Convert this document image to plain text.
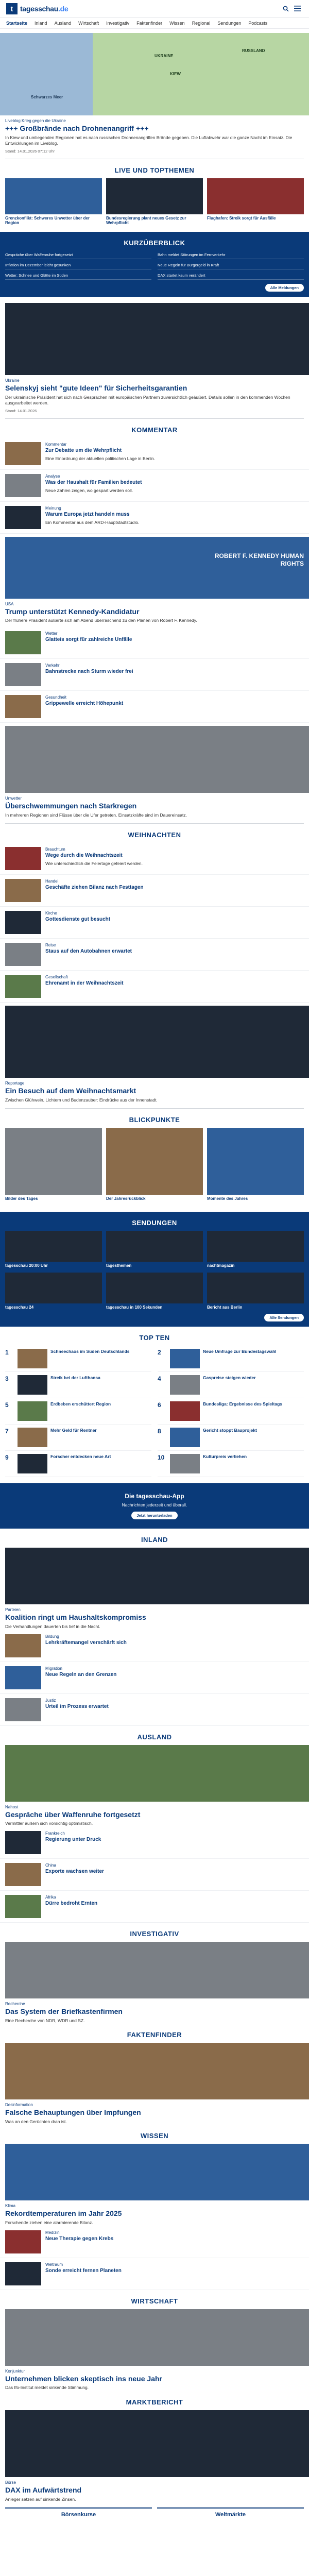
t tagesschau.de
Startseite Inland Ausland Wirtschaft Investigativ Faktenfinder Wissen Regional Sendungen Podcasts
UKRAINE
KIEW
RUSSLAND
Schwarzes Meer
Liveblog Krieg gegen die Ukraine
+++ Großbrände nach Drohnenangriff +++
In Kiew und umliegenden Regionen hat es nach russischen Drohnenangriffen Brände gegeben. Die Luftabwehr war die ganze Nacht im Einsatz. Die Entwicklungen im Liveblog.
Stand: 14.01.2026 07:12 Uhr
LIVE UND TOPTHEMEN
Grenzkonflikt: Schweres Unwetter über der Region
Bundesregierung plant neues Gesetz zur Wehrpflicht
Flughafen: Streik sorgt für Ausfälle
KURZÜBERBLICK
Gespräche über Waffenruhe fortgesetzt	Bahn meldet Störungen im Fernverkehr
Inflation im Dezember leicht gesunken	Neue Regeln für Bürgergeld in Kraft
Wetter: Schnee und Glätte im Süden	DAX startet kaum verändert
Alle Meldungen
Ukraine
Selenskyj sieht "gute Ideen" für Sicherheitsgarantien
Der ukrainische Präsident hat sich nach Gesprächen mit europäischen Partnern zuversichtlich geäußert. Details sollen in den kommenden Wochen ausgearbeitet werden.
Stand: 14.01.2026
KOMMENTAR
Kommentar
Zur Debatte um die Wehrpflicht
Eine Einordnung der aktuellen politischen Lage in Berlin.
Analyse
Was der Haushalt für Familien bedeutet
Neue Zahlen zeigen, wo gespart werden soll.
Meinung
Warum Europa jetzt handeln muss
Ein Kommentar aus dem ARD-Hauptstadtstudio.
ROBERT F. KENNEDY HUMAN RIGHTS
USA
Trump unterstützt Kennedy-Kandidatur
Der frühere Präsident äußerte sich am Abend überraschend zu den Plänen von Robert F. Kennedy.
Wetter
Glatteis sorgt für zahlreiche Unfälle
Verkehr
Bahnstrecke nach Sturm wieder frei
Gesundheit
Grippewelle erreicht Höhepunkt
Unwetter
Überschwemmungen nach Starkregen
In mehreren Regionen sind Flüsse über die Ufer getreten. Einsatzkräfte sind im Dauereinsatz.
WEIHNACHTEN
Brauchtum
Wege durch die Weihnachtszeit
Wie unterschiedlich die Feiertage gefeiert werden.
Handel
Geschäfte ziehen Bilanz nach Festtagen
Kirche
Gottesdienste gut besucht
Reise
Staus auf den Autobahnen erwartet
Gesellschaft
Ehrenamt in der Weihnachtszeit
Reportage
Ein Besuch auf dem Weihnachtsmarkt
Zwischen Glühwein, Lichtern und Budenzauber: Eindrücke aus der Innenstadt.
BLICKPUNKTE
Bilder des Tages	Der Jahresrückblick	Momente des Jahres
SENDUNGEN
tagesschau 20:00 Uhr	tagesthemen	nachtmagazin
tagesschau 24	tagesschau in 100 Sekunden	Bericht aus Berlin
Alle Sendungen
TOP TEN
1	Schneechaos im Süden Deutschlands	2	Neue Umfrage zur Bundestagswahl
3	Streik bei der Lufthansa	4	Gaspreise steigen wieder
5	Erdbeben erschüttert Region	6	Bundesliga: Ergebnisse des Spieltags
7	Mehr Geld für Rentner	8	Gericht stoppt Bauprojekt
9	Forscher entdecken neue Art	10	Kulturpreis verliehen
Die tagesschau-App
Nachrichten jederzeit und überall.
Jetzt herunterladen
INLAND
Parteien
Koalition ringt um Haushaltskompromiss
Die Verhandlungen dauerten bis tief in die Nacht.
Bildung
Lehrkräftemangel verschärft sich
Migration
Neue Regeln an den Grenzen
Justiz
Urteil im Prozess erwartet
AUSLAND
Nahost
Gespräche über Waffenruhe fortgesetzt
Vermittler äußern sich vorsichtig optimistisch.
Frankreich
Regierung unter Druck
China
Exporte wachsen weiter
Afrika
Dürre bedroht Ernten
INVESTIGATIV
Recherche
Das System der Briefkastenfirmen
Eine Recherche von NDR, WDR und SZ.
FAKTENFINDER
Desinformation
Falsche Behauptungen über Impfungen
Was an den Gerüchten dran ist.
WISSEN
Klima
Rekordtemperaturen im Jahr 2025
Forschende ziehen eine alarmierende Bilanz.
Medizin
Neue Therapie gegen Krebs
Weltraum
Sonde erreicht fernen Planeten
WIRTSCHAFT
Konjunktur
Unternehmen blicken skeptisch ins neue Jahr
Das Ifo-Institut meldet sinkende Stimmung.
MARKTBERICHT
Börse
DAX im Aufwärtstrend
Anleger setzen auf sinkende Zinsen.
Börsenkurse	Weltmärkte
